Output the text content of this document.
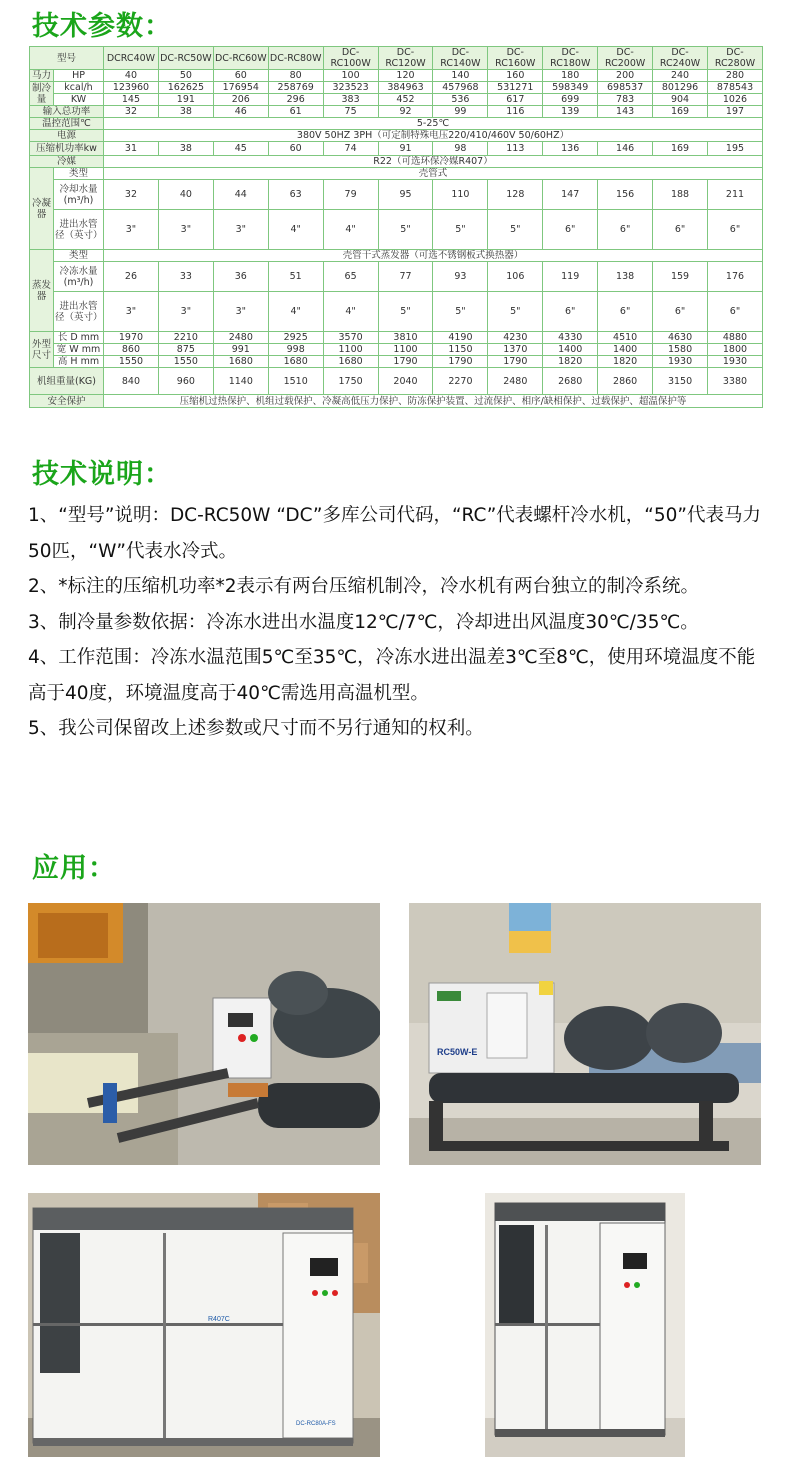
技术参数：
型号		DCRC40W	DC-RC50W	DC-RC60W	DC-RC80W	DC-RC100W	DC-RC120W	DC-RC140W	DC-RC160W	DC-RC180W	DC-RC200W	DC-RC240W	DC-RC280W
马力	HP	40	50	60	80	100	120	140	160	180	200	240	280
制冷量	kcal/h	123960	162625	176954	258769	323523	384963	457968	531271	598349	698537	801296	878543
	KW	145	191	206	296	383	452	536	617	699	783	904	1026
输入总功率		32	38	46	61	75	92	99	116	139	143	169	197
温控范围℃		5-25℃											
电源		380V 50HZ 3PH（可定制特殊电压220/410/460V 50/60HZ）											
压缩机功率kw		31	38	45	60	74	91	98	113	136	146	169	195
冷媒		R22（可选环保冷媒R407）											
冷凝器	类型	壳管式											
	冷却水量(m³/h)	32	40	44	63	79	95	110	128	147	156	188	211
	进出水管径（英寸）	3"	3"	3"	4"	4"	5"	5"	5"	6"	6"	6"	6"
蒸发器	类型	壳管干式蒸发器（可选不锈钢板式换热器）											
	冷冻水量(m³/h)	26	33	36	51	65	77	93	106	119	138	159	176
	进出水管径（英寸）	3"	3"	3"	4"	4"	5"	5"	5"	6"	6"	6"	6"
外型尺寸	长 D mm	1970	2210	2480	2925	3570	3810	4190	4230	4330	4510	4630	4880
	宽 W mm	860	875	991	998	1100	1100	1150	1370	1400	1400	1580	1800
	高 H mm	1550	1550	1680	1680	1680	1790	1790	1790	1820	1820	1930	1930
机组重量(KG)		840	960	1140	1510	1750	2040	2270	2480	2680	2860	3150	3380
安全保护		压缩机过热保护、机组过载保护、冷凝高低压力保护、防冻保护装置、过流保护、相序/缺相保护、过载保护、超温保护等											
技术说明：

1、“型号”说明：DC-RC50W “DC”多库公司代码，“RC”代表螺杆冷水机，“50”代表马力50匹，“W”代表水冷式。

2、*标注的压缩机功率*2表示有两台压缩机制冷，冷水机有两台独立的制冷系统。

3、制冷量参数依据：冷冻水进出水温度12℃/7℃，冷却进出风温度30℃/35℃。

4、工作范围：冷冻水温范围5℃至35℃，冷冻水进出温差3℃至8℃，使用环境温度不能高于40度，环境温度高于40℃需选用高温机型。

5、我公司保留改上述参数或尺寸而不另行通知的权利。

应用：
RC50W-E
R407C
DC-RC80A-FS
